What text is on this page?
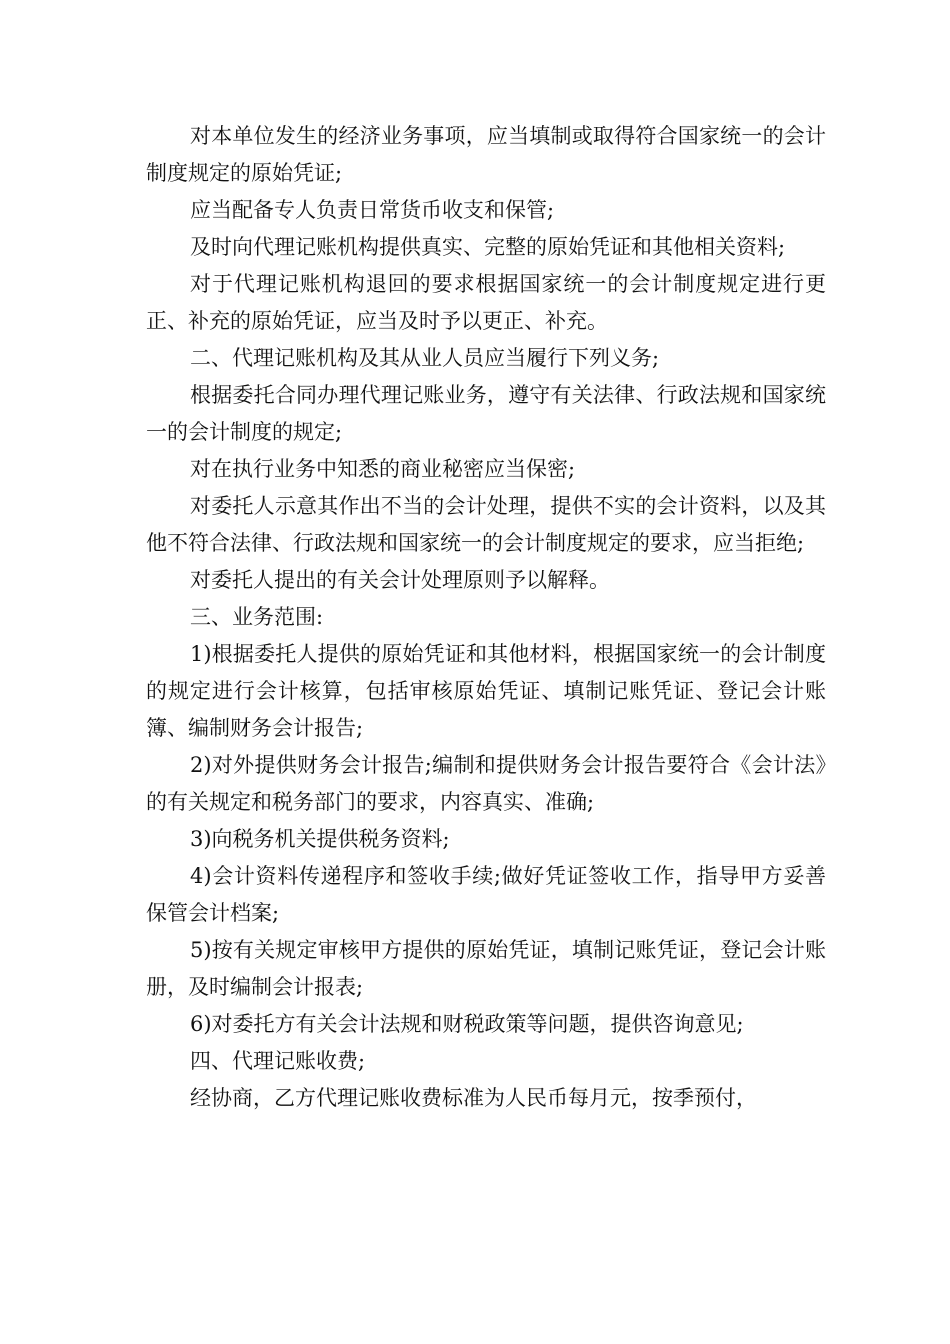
对本单位发生的经济业务事项，应当填制或取得符合国家统一的会计制度规定的原始凭证;

应当配备专人负责日常货币收支和保管;

及时向代理记账机构提供真实、完整的原始凭证和其他相关资料;

对于代理记账机构退回的要求根据国家统一的会计制度规定进行更正、补充的原始凭证，应当及时予以更正、补充。

二、代理记账机构及其从业人员应当履行下列义务;

根据委托合同办理代理记账业务，遵守有关法律、行政法规和国家统一的会计制度的规定;

对在执行业务中知悉的商业秘密应当保密;

对委托人示意其作出不当的会计处理，提供不实的会计资料，以及其他不符合法律、行政法规和国家统一的会计制度规定的要求，应当拒绝;

对委托人提出的有关会计处理原则予以解释。

三、业务范围:

1)根据委托人提供的原始凭证和其他材料，根据国家统一的会计制度的规定进行会计核算，包括审核原始凭证、填制记账凭证、登记会计账簿、编制财务会计报告;

2)对外提供财务会计报告;编制和提供财务会计报告要符合《会计法》的有关规定和税务部门的要求，内容真实、准确;

3)向税务机关提供税务资料;

4)会计资料传递程序和签收手续;做好凭证签收工作，指导甲方妥善保管会计档案;

5)按有关规定审核甲方提供的原始凭证，填制记账凭证，登记会计账册，及时编制会计报表;

6)对委托方有关会计法规和财税政策等问题，提供咨询意见;

四、代理记账收费;

经协商，乙方代理记账收费标准为人民币每月元，按季预付，
